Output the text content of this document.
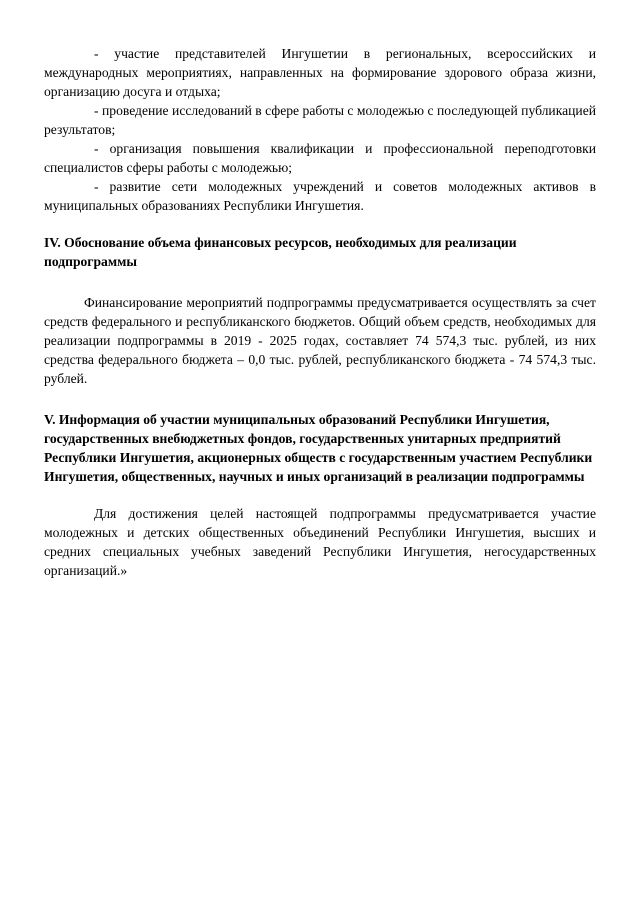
- участие представителей Ингушетии в региональных, всероссийских и международных мероприятиях, направленных на формирование здорового образа жизни, организацию досуга и отдыха;

- проведение исследований в сфере работы с молодежью с последующей публикацией результатов;

- организация повышения квалификации и профессиональной переподготовки специалистов сферы работы с молодежью;

- развитие сети молодежных учреждений и советов молодежных активов в муниципальных образованиях Республики Ингушетия.

IV. Обоснование объема финансовых ресурсов, необходимых для реализации подпрограммы

Финансирование мероприятий подпрограммы предусматривается осуществлять за счет средств федерального и республиканского бюджетов. Общий объем средств, необходимых для реализации подпрограммы в 2019 - 2025 годах, составляет 74 574,3 тыс. рублей, из них средства федерального бюджета – 0,0 тыс. рублей, республиканского бюджета - 74 574,3 тыс. рублей.

V. Информация об участии муниципальных образований Республики Ингушетия, государственных внебюджетных фондов, государственных унитарных предприятий Республики Ингушетия, акционерных обществ с государственным участием Республики Ингушетия, общественных, научных и иных организаций в реализации подпрограммы

Для достижения целей настоящей подпрограммы предусматривается участие молодежных и детских общественных объединений Республики Ингушетия, высших и средних специальных учебных заведений Республики Ингушетия, негосударственных организаций.»
